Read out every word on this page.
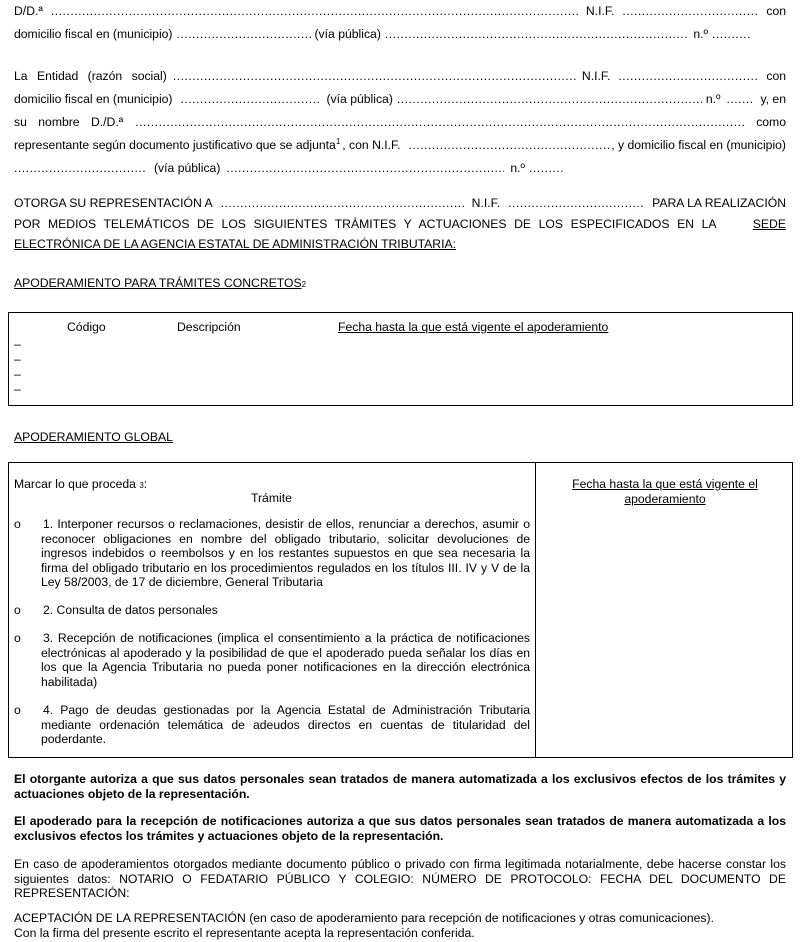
D/D.ª .....	N.I.F. .....	con
domicilio fiscal en (municipio) .....	(vía pública) .....	n.º
.....
La Entidad (razón social) .....	N.I.F. .....	con
domicilio fiscal en (municipio) .....	(vía pública) .....	n.º .....	y, en
su nombre D./D.ª .....	como
representante según documento justificativo que se adjunta$^1$ , con N.I.F. .....	, y domicilio fiscal en (municipio)
.....
(vía pública) .....	n.º
.....
OTORGA SU REPRESENTACIÓN A .....	N.I.F. .....	PARA LA REALIZACIÓN
POR MEDIOS TELEMÁTICOS DE LOS SIGUIENTES TRÁMITES Y ACTUACIONES DE LOS ESPECIFICADOS EN LA	SEDE
ELECTRÓNICA DE LA AGENCIA ESTATAL DE ADMINISTRACIÓN TRIBUTARIA:
APODERAMIENTO PARA TRÁMITES CONCRETOS 2
Código	Descripción	Fecha hasta la que está vigente el apoderamiento
–
–
–
–
APODERAMIENTO GLOBAL
Marcar lo que proceda
3 :
Trámite
Fecha hasta la que está vigente el
apoderamiento
o 1. Interponer recursos o reclamaciones, desistir de ellos, renunciar a derechos, asumir o reconocer obligaciones en nombre del obligado tributario, solicitar devoluciones de ingresos indebidos o reembolsos y en los restantes supuestos en que sea necesaria la firma del obligado tributario en los procedimientos regulados en los títulos III. IV y V de la Ley 58/2003, de 17 de diciembre, General Tributaria
o 2. Consulta de datos personales
o 3. Recepción de notificaciones (implica el consentimiento a la práctica de notificaciones electrónicas al apoderado y la posibilidad de que el apoderado pueda señalar los días en los que la Agencia Tributaria no pueda poner notificaciones en la dirección electrónica habilitada)
o 4. Pago de deudas gestionadas por la Agencia Estatal de Administración Tributaria mediante ordenación telemática de adeudos directos en cuentas de titularidad del poderdante.
El otorgante autoriza a que sus datos personales sean tratados de manera automatizada a los exclusivos efectos de los trámites y actuaciones objeto de la representación.
El apoderado para la recepción de notificaciones autoriza a que sus datos personales sean tratados de manera automatizada a los exclusivos efectos los trámites y actuaciones objeto de la representación.
En caso de apoderamientos otorgados mediante documento público o privado con firma legitimada notarialmente, debe hacerse constar los siguientes datos: NOTARIO O FEDATARIO PÚBLICO Y COLEGIO: NÚMERO DE PROTOCOLO: FECHA DEL DOCUMENTO DE REPRESENTACIÓN:
ACEPTACIÓN DE LA REPRESENTACIÓN (en caso de apoderamiento para recepción de notificaciones y otras comunicaciones).
Con la firma del presente escrito el representante acepta la representación conferida.
